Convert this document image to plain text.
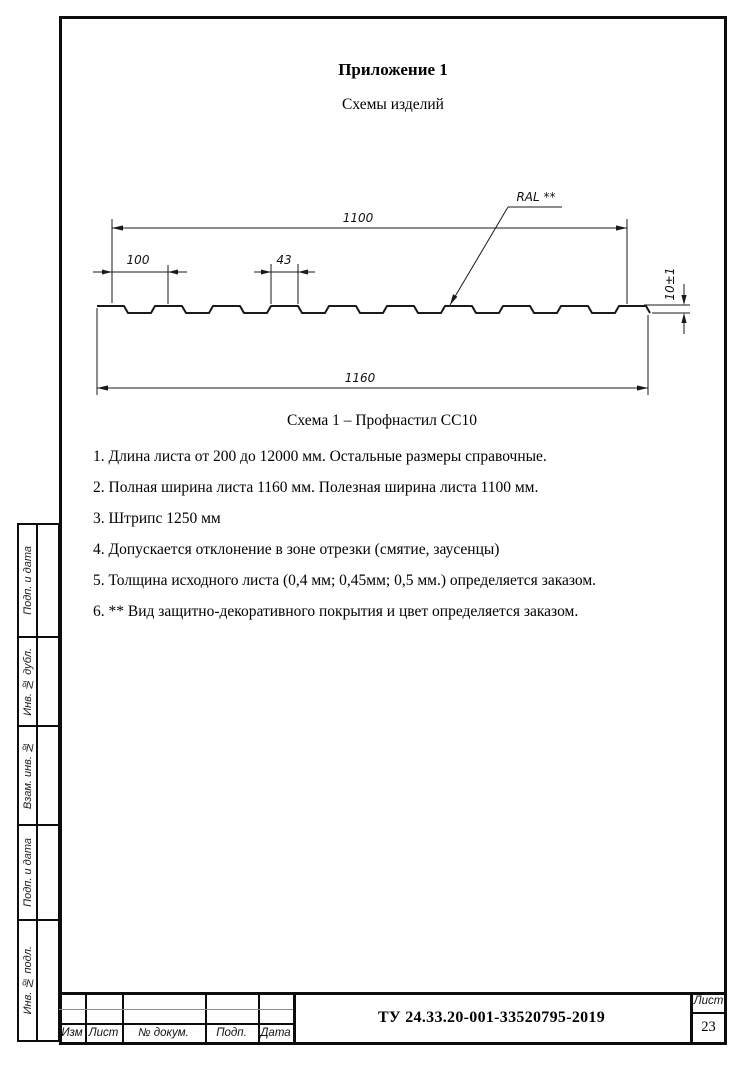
Приложение 1
Схемы изделий
1100
100	43
1160
10±1
RAL **
Схема 1 – Профнастил СС10
1. Длина листа от 200 до 12000 мм. Остальные размеры справочные.
2. Полная ширина листа 1160 мм. Полезная ширина листа 1100 мм.
3. Штрипс 1250 мм
4. Допускается отклонение в зоне отрезки (смятие, заусенцы)
5. Толщина исходного листа (0,4 мм; 0,45мм; 0,5 мм.) определяется заказом.
6. ** Вид защитно-декоративного покрытия и цвет определяется заказом.
Подп. и дата
Инв. № дубл.
Взам. инв. №
Подп. и дата
Инв. № подл.
Изм Лист	№ докум.	Подп.	Дата
ТУ 24.33.20-001-33520795-2019
Лист
23
